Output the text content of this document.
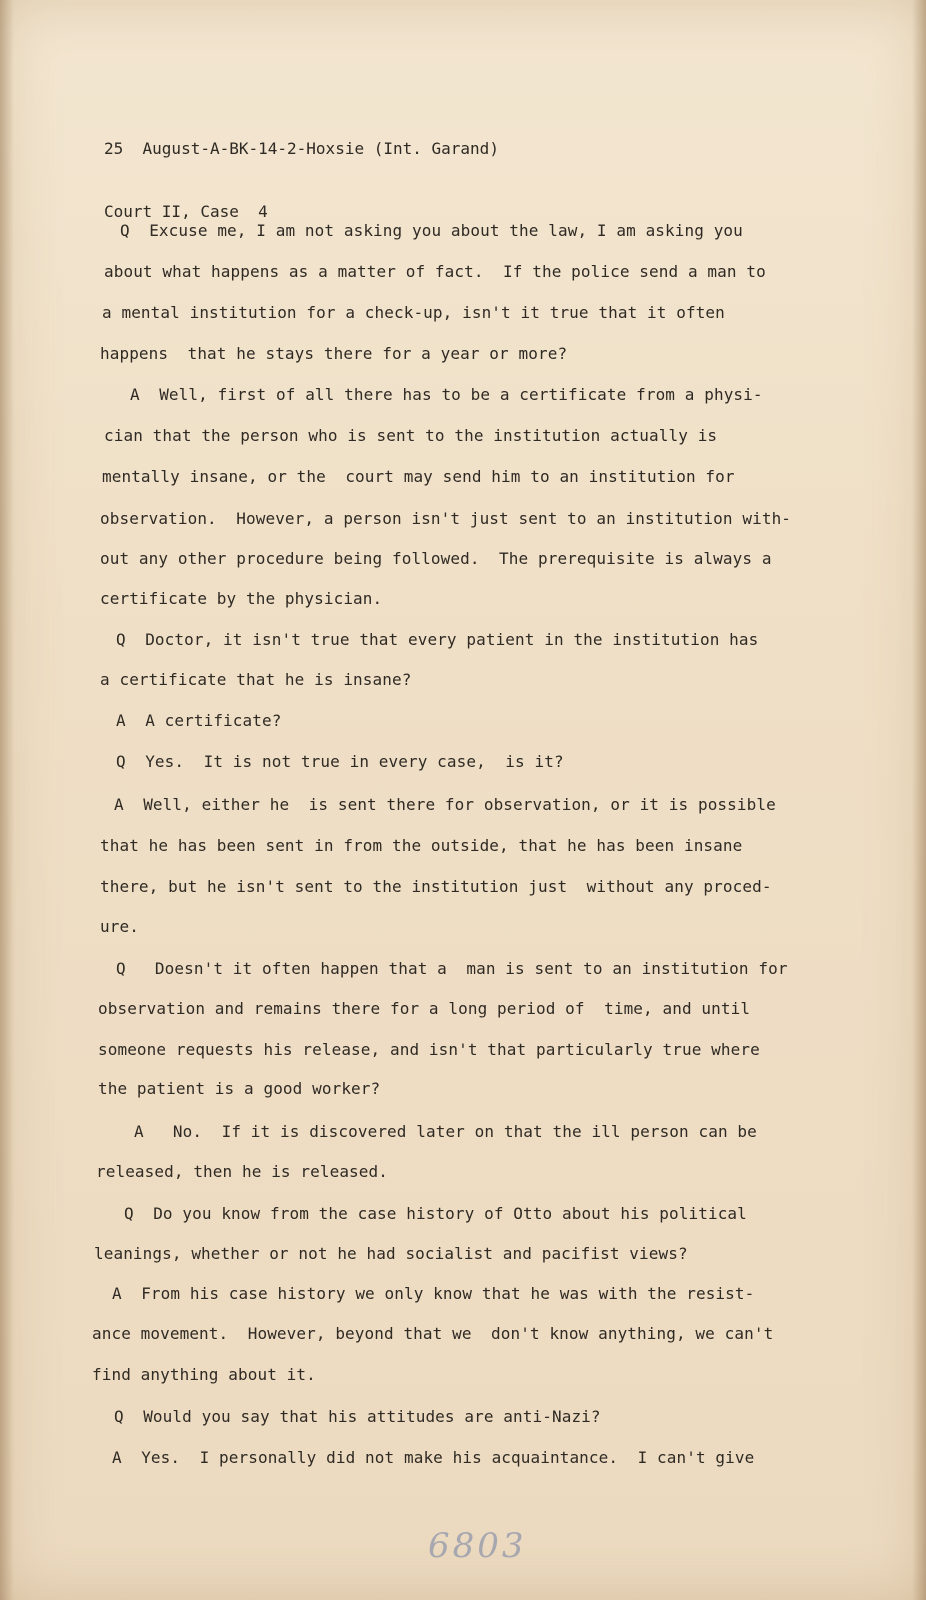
25  August-A-BK-14-2-Hoxsie (Int. Garand)

Court II, Case  4

Q  Excuse me, I am not asking you about the law, I am asking you
about what happens as a matter of fact.  If the police send a man to
a mental institution for a check-up, isn't it true that it often
happens  that he stays there for a year or more?
A  Well, first of all there has to be a certificate from a physi-
cian that the person who is sent to the institution actually is
mentally insane, or the  court may send him to an institution for
observation.  However, a person isn't just sent to an institution with-
out any other procedure being followed.  The prerequisite is always a
certificate by the physician.
Q  Doctor, it isn't true that every patient in the institution has
a certificate that he is insane?
A  A certificate?
Q  Yes.  It is not true in every case,  is it?
A  Well, either he  is sent there for observation, or it is possible
that he has been sent in from the outside, that he has been insane
there, but he isn't sent to the institution just  without any proced-
ure.
Q   Doesn't it often happen that a  man is sent to an institution for
observation and remains there for a long period of  time, and until
someone requests his release, and isn't that particularly true where
the patient is a good worker?
A   No.  If it is discovered later on that the ill person can be
released, then he is released.
Q  Do you know from the case history of Otto about his political
leanings, whether or not he had socialist and pacifist views?
A  From his case history we only know that he was with the resist-
ance movement.  However, beyond that we  don't know anything, we can't
find anything about it.
Q  Would you say that his attitudes are anti-Nazi?
A  Yes.  I personally did not make his acquaintance.  I can't give
6803
